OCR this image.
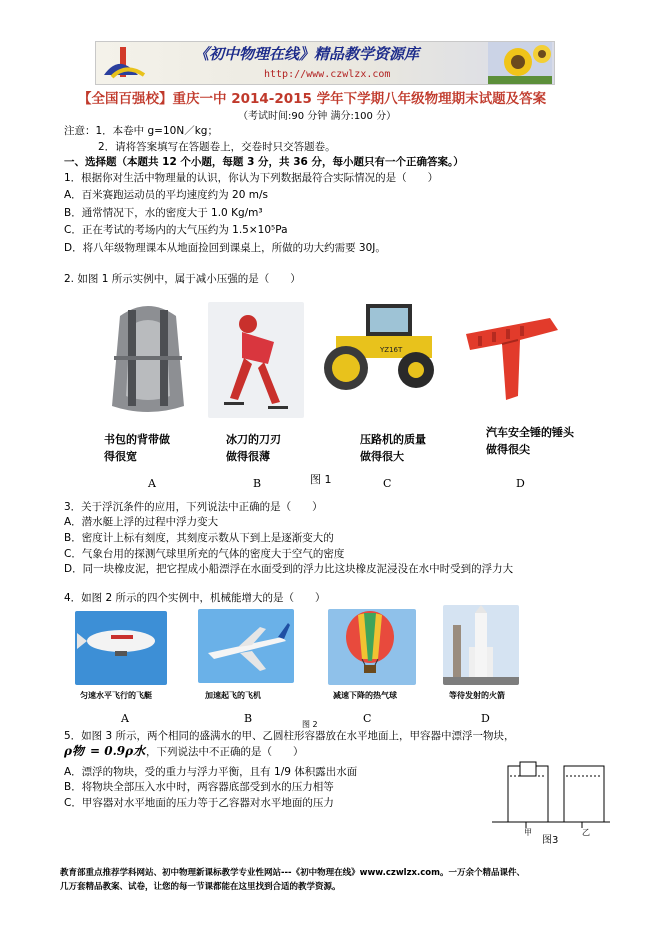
《初中物理在线》精品教学资源库
http://www.czwlzx.com
【全国百强校】重庆一中 2014-2015 学年下学期八年级物理期末试题及答案
（考试时间:90 分钟 满分:100 分）
注意：1．本卷中 g=10N／kg；
2．请将答案填写在答题卷上，交卷时只交答题卷。
一、选择题（本题共 12 个小题，每题 3 分，共 36 分，每小题只有一个正确答案。）
1．根据你对生活中物理量的认识，你认为下列数据最符合实际情况的是（　　）
A．百米赛跑运动员的平均速度约为 20 m/s
B．通常情况下，水的密度大于 1.0 Kg/m³
C．正在考试的考场内的大气压约为 1.5×10⁵Pa
D．将八年级物理课本从地面捡回到课桌上，所做的功大约需要 30J。
2. 如图 1 所示实例中，属于减小压强的是（　　）
YZ16T
书包的背带做
得很宽
冰刀的刀刃
做得很薄
压路机的质量
做得很大
汽车安全锤的锤头
做得很尖
A	B	图 1	C	D
3．关于浮沉条件的应用，下列说法中正确的是（　　）
A．潜水艇上浮的过程中浮力变大
B．密度计上标有刻度，其刻度示数从下到上是逐渐变大的
C．气象台用的探测气球里所充的气体的密度大于空气的密度
D．同一块橡皮泥，把它捏成小船漂浮在水面受到的浮力比这块橡皮泥浸没在水中时受到的浮力大
4．如图 2 所示的四个实例中，机械能增大的是（　　）
匀速水平飞行的飞艇	加速起飞的飞机	减速下降的热气球	等待发射的火箭
A	B	图 2	C	D
5．如图 3 所示，两个相同的盛满水的甲、乙圆柱形容器放在水平地面上，甲容器中漂浮一物块，
ρ物 = 0.9ρ水 ，下列说法中不正确的是（　　）
A．漂浮的物块，受的重力与浮力平衡，且有 1/9 体积露出水面
B．将物块全部压入水中时，两容器底部受到水的压力相等
C．甲容器对水平地面的压力等于乙容器对水平地面的压力
甲	乙
图3
教育部重点推荐学科网站、初中物理新课标教学专业性网站---《初中物理在线》www.czwlzx.com。一万余个精品课件、
几万套精品教案、试卷，让您的每一节课都能在这里找到合适的教学资源。
